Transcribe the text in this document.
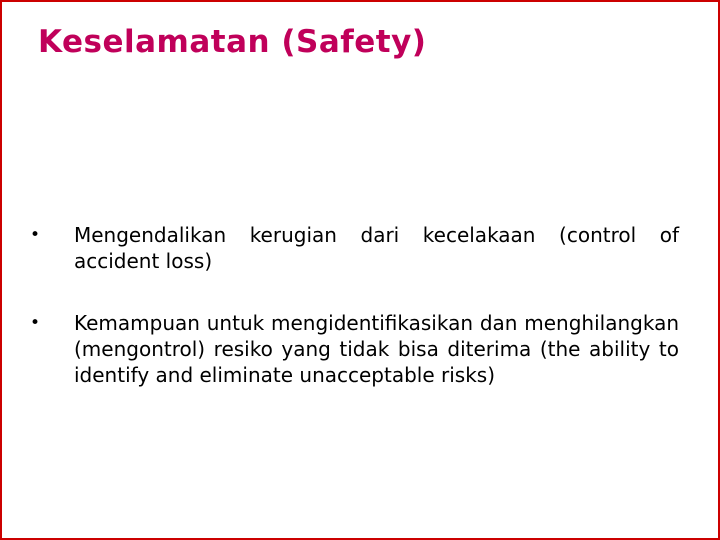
Keselamatan (Safety)
• Mengendalikan kerugian dari kecelakaan (control of accident loss)
• Kemampuan untuk mengidentifikasikan dan menghilangkan (mengontrol) resiko yang tidak bisa diterima (the ability to identify and eliminate unacceptable risks)
